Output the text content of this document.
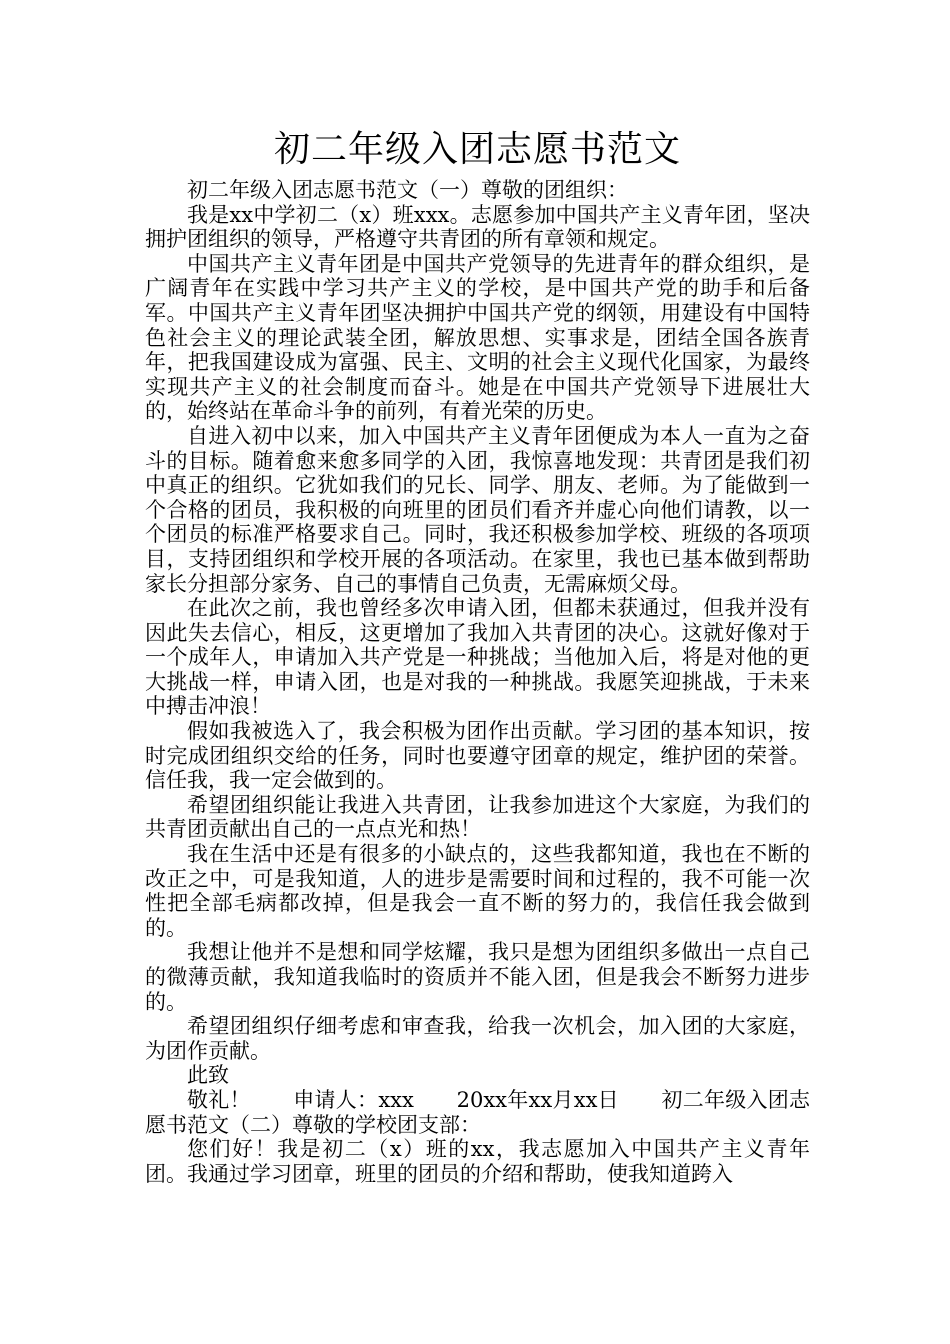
初二年级入团志愿书范文

初二年级入团志愿书范文（一）尊敬的团组织：

我是xx中学初二（x）班xxx。志愿参加中国共产主义青年团，坚决拥护团组织的领导，严格遵守共青团的所有章领和规定。

中国共产主义青年团是中国共产党领导的先进青年的群众组织，是广阔青年在实践中学习共产主义的学校，是中国共产党的助手和后备军。中国共产主义青年团坚决拥护中国共产党的纲领，用建设有中国特色社会主义的理论武装全团，解放思想、实事求是，团结全国各族青年，把我国建设成为富强、民主、文明的社会主义现代化国家，为最终实现共产主义的社会制度而奋斗。她是在中国共产党领导下进展壮大的，始终站在革命斗争的前列，有着光荣的历史。

自进入初中以来，加入中国共产主义青年团便成为本人一直为之奋斗的目标。随着愈来愈多同学的入团，我惊喜地发现：共青团是我们初中真正的组织。它犹如我们的兄长、同学、朋友、老师。为了能做到一个合格的团员，我积极的向班里的团员们看齐并虚心向他们请教，以一个团员的标准严格要求自己。同时，我还积极参加学校、班级的各项项目，支持团组织和学校开展的各项活动。在家里，我也已基本做到帮助家长分担部分家务、自己的事情自己负责，无需麻烦父母。

在此次之前，我也曾经多次申请入团，但都未获通过，但我并没有因此失去信心，相反，这更增加了我加入共青团的决心。这就好像对于一个成年人，申请加入共产党是一种挑战；当他加入后，将是对他的更大挑战一样，申请入团，也是对我的一种挑战。我愿笑迎挑战，于未来中搏击冲浪！

假如我被选入了，我会积极为团作出贡献。学习团的基本知识，按时完成团组织交给的任务，同时也要遵守团章的规定，维护团的荣誉。信任我，我一定会做到的。

希望团组织能让我进入共青团，让我参加进这个大家庭，为我们的共青团贡献出自己的一点点光和热！

我在生活中还是有很多的小缺点的，这些我都知道，我也在不断的改正之中，可是我知道，人的进步是需要时间和过程的，我不可能一次性把全部毛病都改掉，但是我会一直不断的努力的，我信任我会做到的。

我想让他并不是想和同学炫耀，我只是想为团组织多做出一点自己的微薄贡献，我知道我临时的资质并不能入团，但是我会不断努力进步的。

希望团组织仔细考虑和审查我，给我一次机会，加入团的大家庭，为团作贡献。

此致

敬礼！　　申请人：xxx　　20xx年xx月xx日　　初二年级入团志愿书范文（二）尊敬的学校团支部：

您们好！我是初二（x）班的xx，我志愿加入中国共产主义青年团。我通过学习团章，班里的团员的介绍和帮助，使我知道跨入
